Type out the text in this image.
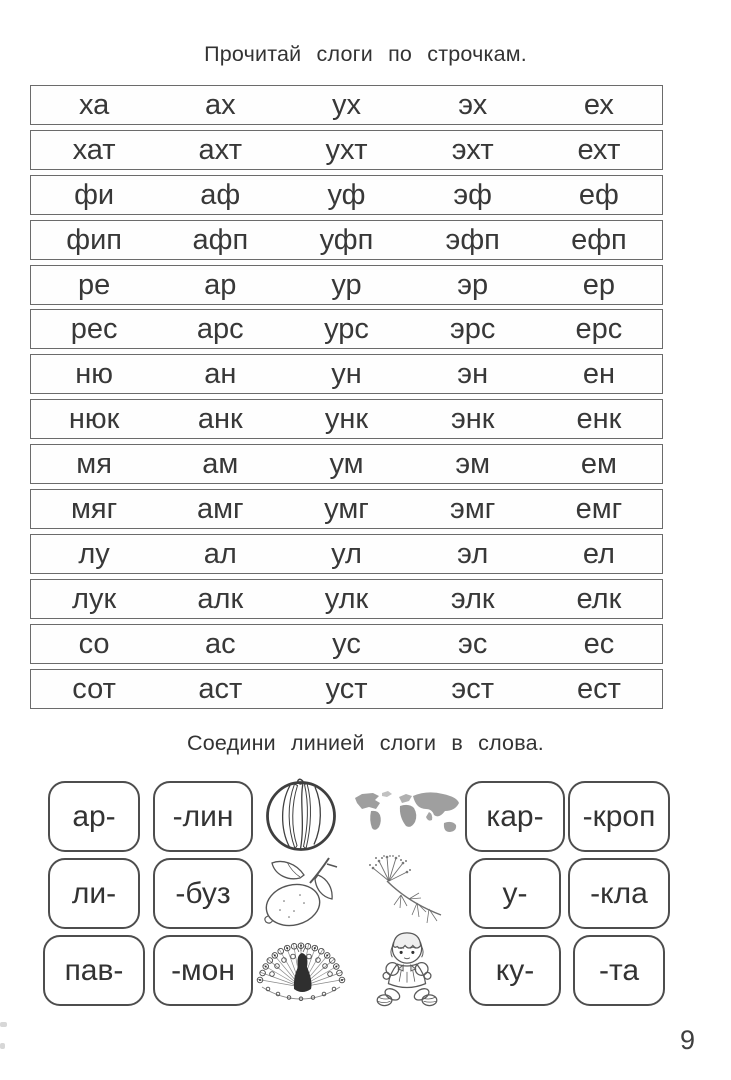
Прочитай слоги по строчкам.
ха	ах	ух	эх	ех
хат	ахт	ухт	эхт	ехт
фи	аф	уф	эф	еф
фип	афп	уфп	эфп	ефп
ре	ар	ур	эр	ер
рес	арс	урс	эрс	ерс
ню	ан	ун	эн	ен
нюк	анк	унк	энк	енк
мя	ам	ум	эм	ем
мяг	амг	умг	эмг	емг
лу	ал	ул	эл	ел
лук	алк	улк	элк	елк
со	ас	ус	эс	ес
сот	аст	уст	эст	ест
Соедини линией слоги в слова.
ар-	-лин	кар-	-кроп
ли-	-буз	у-	-кла
пав-	-мон	ку-	-та
9
